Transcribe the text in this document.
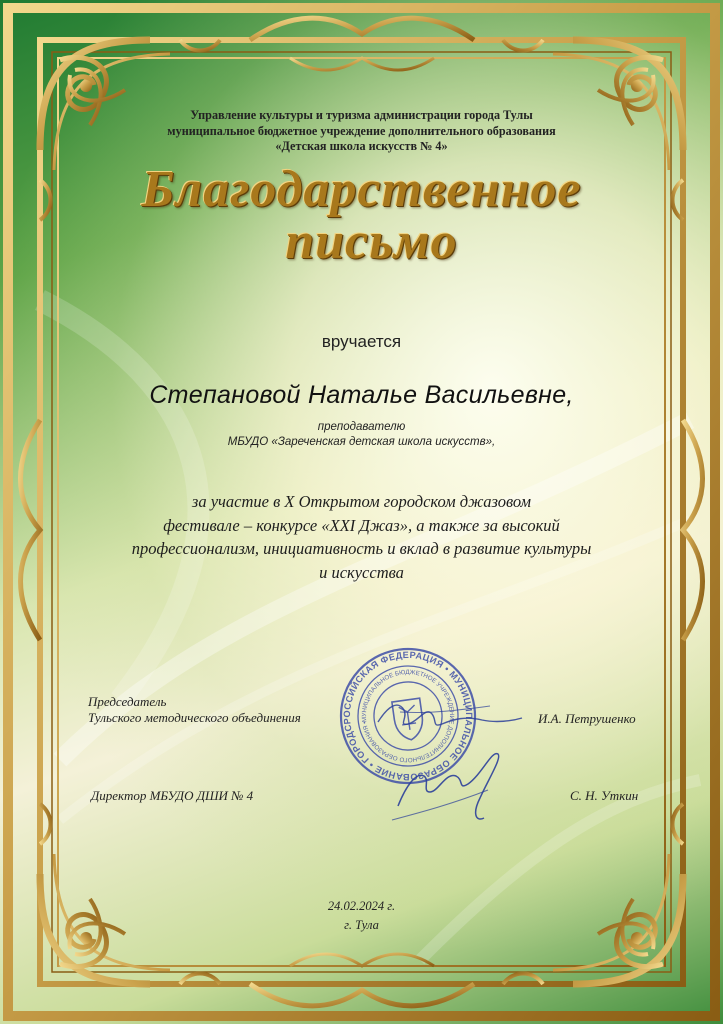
Управление культуры и туризма администрации города Тулы
муниципальное бюджетное учреждение дополнительного образования
«Детская школа искусств № 4»
Благодарственное
письмо
вручается
Степановой Наталье Васильевне,
преподавателю
МБУДО «Зареченская детская школа искусств»,
за участие в X Открытом городском джазовом
фестивале – конкурсе «XXI Джаз», а также за высокий
профессионализм, инициативность и вклад в развитие культуры
и искусства
Председатель
Тульского методического объединения	И.А. Петрушенко
Директор МБУДО ДШИ № 4	С. Н. Уткин
РОССИЙСКАЯ ФЕДЕРАЦИЯ • МУНИЦИПАЛЬНОЕ ОБРАЗОВАНИЕ • ГОРОДСКОЙ
МУНИЦИПАЛЬНОЕ БЮДЖЕТНОЕ УЧРЕЖДЕНИЕ ДОПОЛНИТЕЛЬНОГО ОБРАЗОВАНИЯ •
24.02.2024 г.
г. Тула
